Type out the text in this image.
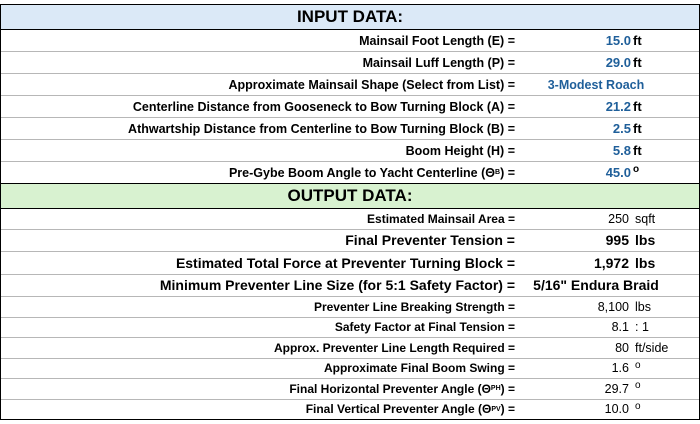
INPUT DATA:
Mainsail Foot Length (E) =	15.0 ft
Mainsail Luff Length (P) =	29.0 ft
Approximate Mainsail Shape (Select from List) =	3-Modest Roach
Centerline Distance from Gooseneck to Bow Turning Block (A) =	21.2 ft
Athwartship Distance from Centerline to Bow Turning Block (B) =	2.5 ft
Boom Height (H) =	5.8 ft
Pre-Gybe Boom Angle to Yacht Centerline (Θ B ) =	45.0 o
OUTPUT DATA:
Estimated Mainsail Area =	250 sqft
Final Preventer Tension =	995 lbs
Estimated Total Force at Preventer Turning Block =	1,972 lbs
Minimum Preventer Line Size (for 5:1 Safety Factor) =	5/16" Endura Braid
Preventer Line Breaking Strength =	8,100 lbs
Safety Factor at Final Tension =	8.1 : 1
Approx. Preventer Line Length Required =	80 ft/side
Approximate Final Boom Swing =	1.6 o
Final Horizontal Preventer Angle (Θ PH ) =	29.7 o
Final Vertical Preventer Angle (Θ PV ) =	10.0 o
